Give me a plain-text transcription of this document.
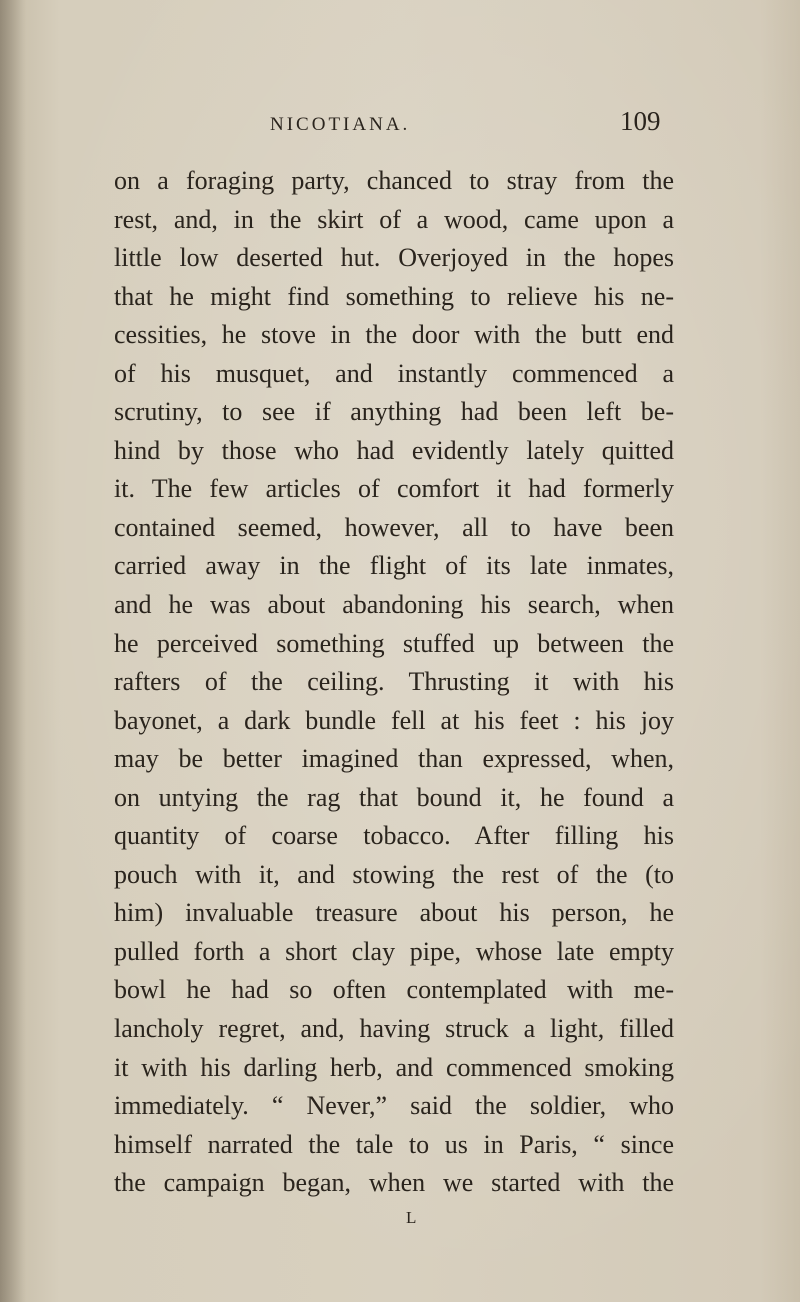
NICOTIANA.	109
on a foraging party, chanced to stray from the
rest, and, in the skirt of a wood, came upon a
little low deserted hut. Overjoyed in the hopes
that he might find something to relieve his ne-
cessities, he stove in the door with the butt end
of his musquet, and instantly commenced a
scrutiny, to see if anything had been left be-
hind by those who had evidently lately quitted
it. The few articles of comfort it had formerly
contained seemed, however, all to have been
carried away in the flight of its late inmates,
and he was about abandoning his search, when
he perceived something stuffed up between the
rafters of the ceiling. Thrusting it with his
bayonet, a dark bundle fell at his feet : his joy
may be better imagined than expressed, when,
on untying the rag that bound it, he found a
quantity of coarse tobacco. After filling his
pouch with it, and stowing the rest of the (to
him) invaluable treasure about his person, he
pulled forth a short clay pipe, whose late empty
bowl he had so often contemplated with me-
lancholy regret, and, having struck a light, filled
it with his darling herb, and commenced smoking
immediately. “ Never,” said the soldier, who
himself narrated the tale to us in Paris, “ since
the campaign began, when we started with the
L
